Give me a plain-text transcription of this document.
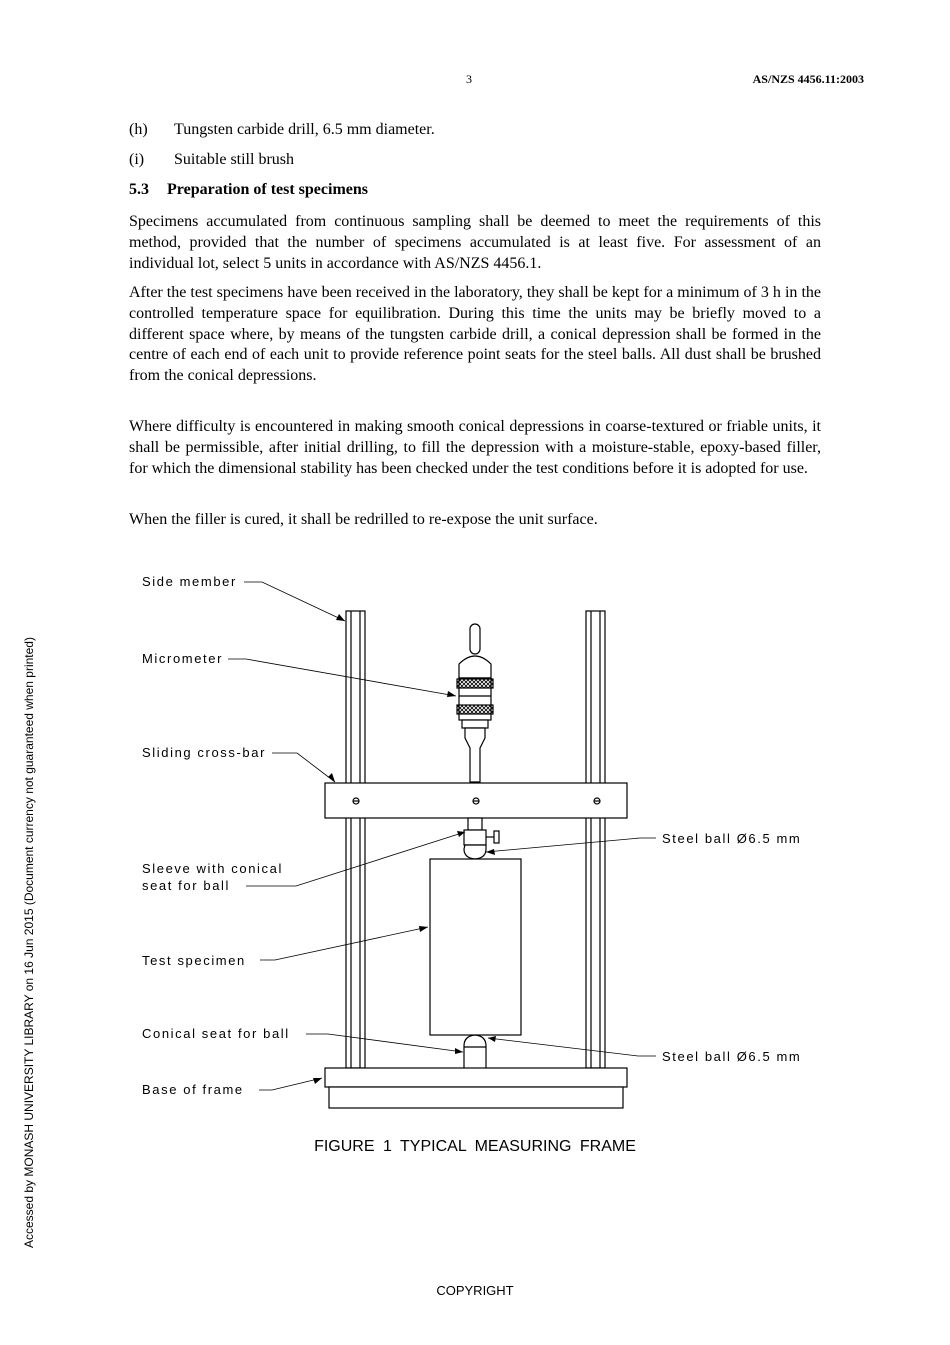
3	AS/NZS 4456.11:2003
(h) Tungsten carbide drill, 6.5 mm diameter.
(i) Suitable still brush
5.3 Preparation of test specimens

Specimens accumulated from continuous sampling shall be deemed to meet the requirements of this method, provided that the number of specimens accumulated is at least five. For assessment of an individual lot, select 5 units in accordance with AS/NZS 4456.1.

After the test specimens have been received in the laboratory, they shall be kept for a minimum of 3 h in the controlled temperature space for equilibration. During this time the units may be briefly moved to a different space where, by means of the tungsten carbide drill, a conical depression shall be formed in the centre of each end of each unit to provide reference point seats for the steel balls. All dust shall be brushed from the conical depressions.

Where difficulty is encountered in making smooth conical depressions in coarse-textured or friable units, it shall be permissible, after initial drilling, to fill the depression with a moisture-stable, epoxy-based filler, for which the dimensional stability has been checked under the test conditions before it is adopted for use.

When the filler is cured, it shall be redrilled to re-expose the unit surface.

Side member
Micrometer
Sliding cross-bar
Sleeve with conical
seat for ball
Test specimen
Conical seat for ball
Base of frame
Steel ball Ø6.5 mm
Steel ball Ø6.5 mm
FIGURE 1 TYPICAL MEASURING FRAME
Accessed by MONASH UNIVERSITY LIBRARY on 16 Jun 2015 (Document currency not guaranteed when printed)
COPYRIGHT
